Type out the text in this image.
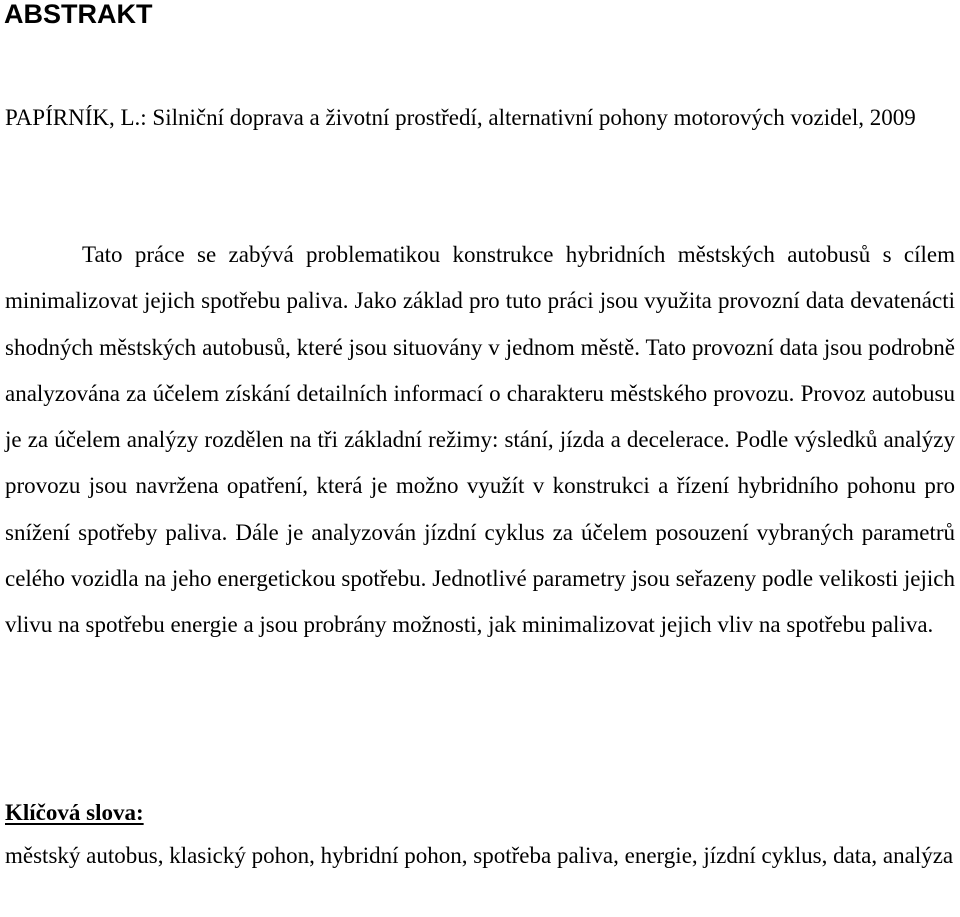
ABSTRAKT

PAPÍRNÍK, L.: Silniční doprava a životní prostředí, alternativní pohony motorových vozidel, 2009

Tato práce se zabývá problematikou konstrukce hybridních městských autobusů s cílem minimalizovat jejich spotřebu paliva. Jako základ pro tuto práci jsou využita provozní data devatenácti shodných městských autobusů, které jsou situovány v jednom městě. Tato provozní data jsou podrobně analyzována za účelem získání detailních informací o charakteru městského provozu. Provoz autobusu je za účelem analýzy rozdělen na tři základní režimy: stání, jízda a decelerace. Podle výsledků analýzy provozu jsou navržena opatření, která je možno využít v konstrukci a řízení hybridního pohonu pro snížení spotřeby paliva. Dále je analyzován jízdní cyklus za účelem posouzení vybraných parametrů celého vozidla na jeho energetickou spotřebu. Jednotlivé parametry jsou seřazeny podle velikosti jejich vlivu na spotřebu energie a jsou probrány možnosti, jak minimalizovat jejich vliv na spotřebu paliva.

Klíčová slova:

městský autobus, klasický pohon, hybridní pohon, spotřeba paliva, energie, jízdní cyklus, data, analýza
